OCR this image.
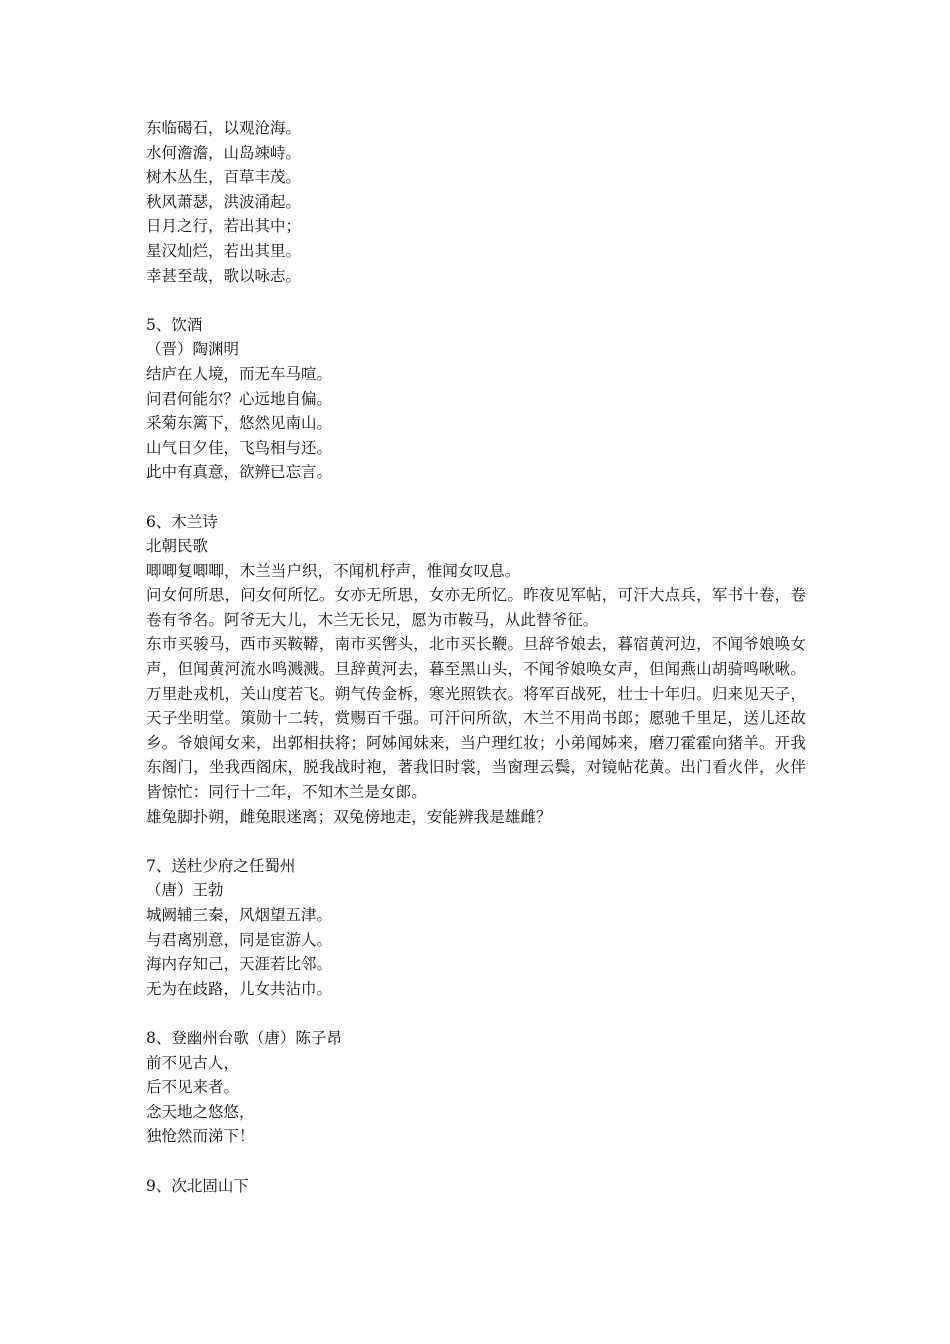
东临碣石，以观沧海。
水何澹澹，山岛竦峙。
树木丛生，百草丰茂。
秋风萧瑟，洪波涌起。
日月之行，若出其中；
星汉灿烂，若出其里。
幸甚至哉，歌以咏志。
5、饮酒
（晋）陶渊明
结庐在人境，而无车马喧。
问君何能尔？心远地自偏。
采菊东篱下，悠然见南山。
山气日夕佳，飞鸟相与还。
此中有真意，欲辨已忘言。
6、木兰诗
北朝民歌
唧唧复唧唧，木兰当户织，不闻机杼声，惟闻女叹息。
问女何所思，问女何所忆。女亦无所思，女亦无所忆。昨夜见军帖，可汗大点兵，军书十卷，卷卷有爷名。阿爷无大儿，木兰无长兄，愿为市鞍马，从此替爷征。
东市买骏马，西市买鞍鞯，南市买辔头，北市买长鞭。旦辞爷娘去，暮宿黄河边，不闻爷娘唤女声，但闻黄河流水鸣溅溅。旦辞黄河去，暮至黑山头，不闻爷娘唤女声，但闻燕山胡骑鸣啾啾。万里赴戎机，关山度若飞。朔气传金柝，寒光照铁衣。将军百战死，壮士十年归。归来见天子，天子坐明堂。策勋十二转，赏赐百千强。可汗问所欲，木兰不用尚书郎；愿驰千里足，送儿还故乡。爷娘闻女来，出郭相扶将；阿姊闻妹来，当户理红妆；小弟闻姊来，磨刀霍霍向猪羊。开我东阁门，坐我西阁床，脱我战时袍，著我旧时裳，当窗理云鬓，对镜帖花黄。出门看火伴，火伴皆惊忙：同行十二年，不知木兰是女郎。
雄兔脚扑朔，雌兔眼迷离；双兔傍地走，安能辨我是雄雌？
7、送杜少府之任蜀州
（唐）王勃
城阙辅三秦，风烟望五津。
与君离别意，同是宦游人。
海内存知己，天涯若比邻。
无为在歧路，儿女共沾巾。
8、登幽州台歌（唐）陈子昂
前不见古人，
后不见来者。
念天地之悠悠，
独怆然而涕下！
9、次北固山下
